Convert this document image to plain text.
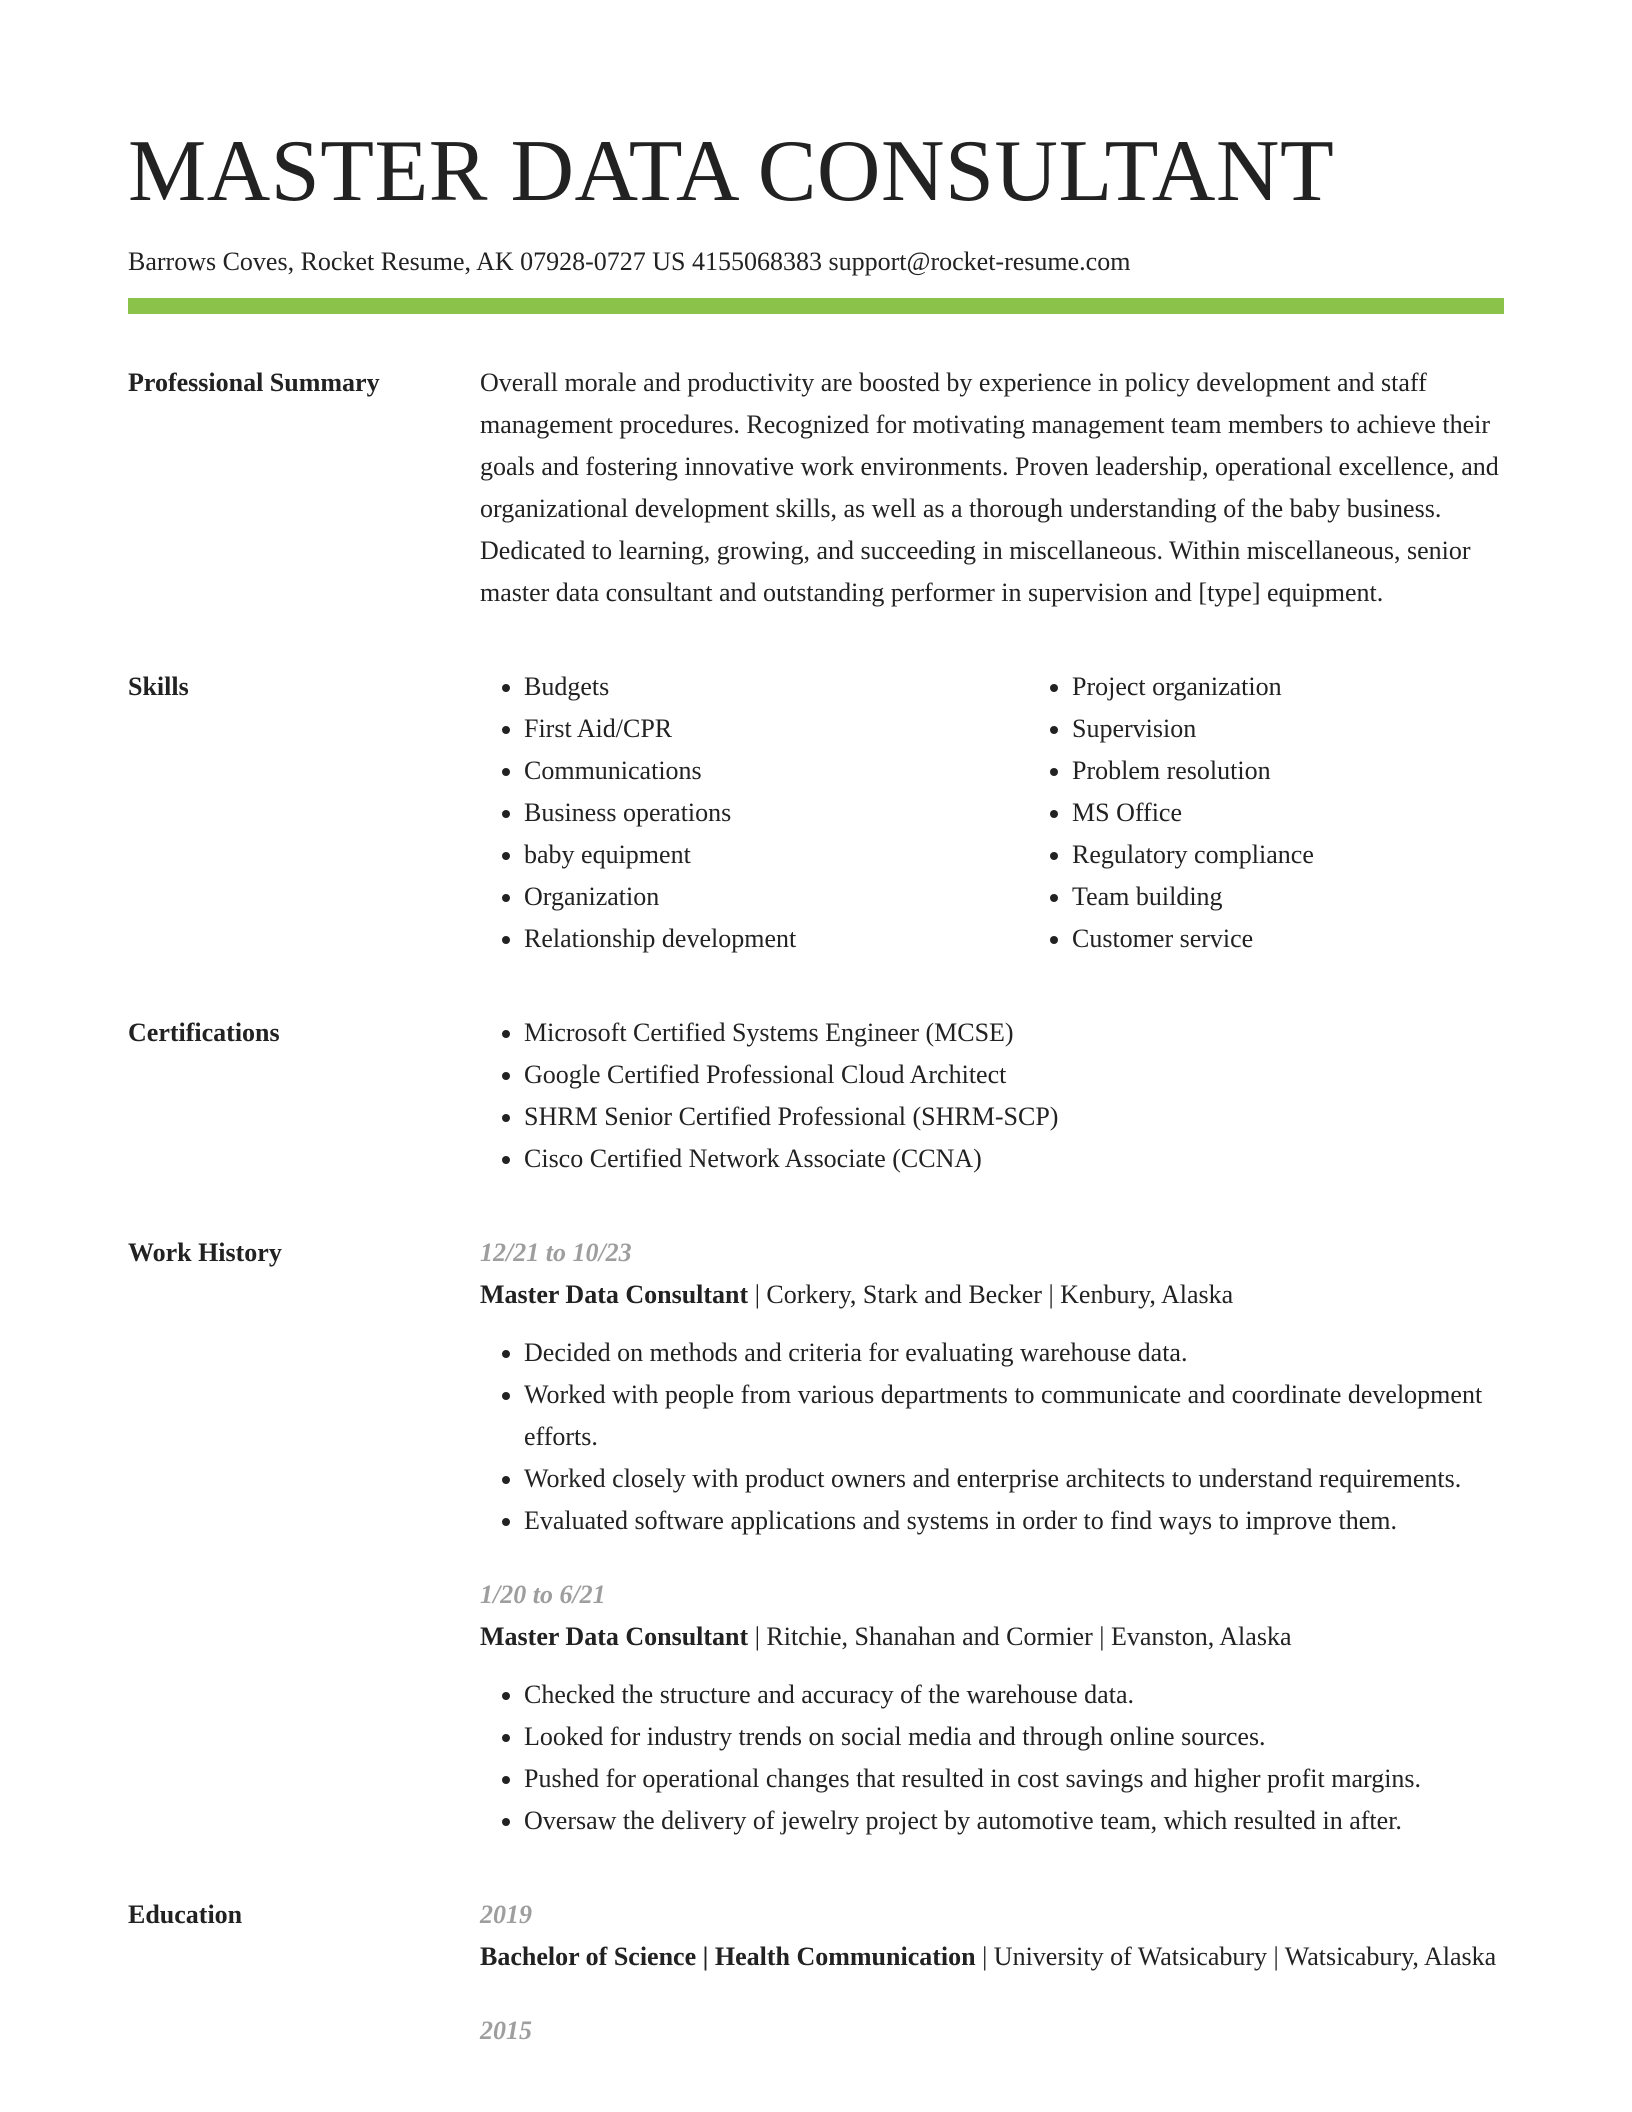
MASTER DATA CONSULTANT
Barrows Coves, Rocket Resume, AK 07928-0727 US 4155068383 support@rocket-resume.com
Professional Summary	Overall morale and productivity are boosted by experience in policy development and staff management procedures. Recognized for motivating management team members to achieve their goals and fostering innovative work environments. Proven leadership, operational excellence, and organizational development skills, as well as a thorough understanding of the baby business. Dedicated to learning, growing, and succeeding in miscellaneous. Within miscellaneous, senior master data consultant and outstanding performer in supervision and [type] equipment.

Skills	• Budgets
• First Aid/CPR
• Communications
• Business operations
• baby equipment
• Organization
• Relationship development
• Project organization
• Supervision
• Problem resolution
• MS Office
• Regulatory compliance
• Team building
• Customer service
Certifications	• Microsoft Certified Systems Engineer (MCSE)
• Google Certified Professional Cloud Architect
• SHRM Senior Certified Professional (SHRM-SCP)
• Cisco Certified Network Associate (CCNA)
Work History	12/21 to 10/23
Master Data Consultant | Corkery, Stark and Becker | Kenbury, Alaska
• Decided on methods and criteria for evaluating warehouse data.
• Worked with people from various departments to communicate and coordinate development efforts.
• Worked closely with product owners and enterprise architects to understand requirements.
• Evaluated software applications and systems in order to find ways to improve them.
1/20 to 6/21
Master Data Consultant | Ritchie, Shanahan and Cormier | Evanston, Alaska
• Checked the structure and accuracy of the warehouse data.
• Looked for industry trends on social media and through online sources.
• Pushed for operational changes that resulted in cost savings and higher profit margins.
• Oversaw the delivery of jewelry project by automotive team, which resulted in after.
Education	2019
Bachelor of Science | Health Communication | University of Watsicabury | Watsicabury, Alaska
2015
